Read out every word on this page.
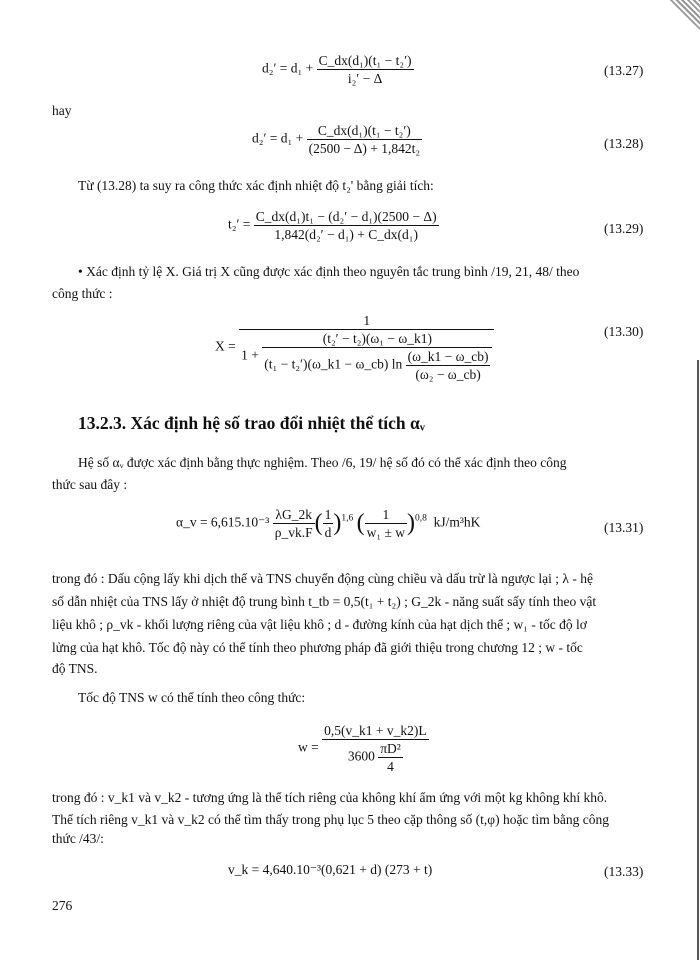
$d_2' = d_1 + \frac{\text{C\_dx(d₁)(t₁ − t₂′)}}{\text{i₂′ − Δ}}$	(13.27)
hay
$d_2' = d_1 + \frac{\text{C\_dx(d₁)(t₁ − t₂′)}}{\text{(2500 − Δ) + 1,842t₂}}$	(13.28)
Từ (13.28) ta suy ra công thức xác định nhiệt độ t₂' bằng giải tích:
$t_2' = \frac{\text{C\_dx(d₁)t₁ − (d₂′ − d₁)(2500 − Δ)}}{\text{1,842(d₂′ − d₁) + C\_dx(d₁)}}$	(13.29)
• Xác định tỷ lệ X. Giá trị X cũng được xác định theo nguyên tắc trung bình /19, 21, 48/ theo
công thức :
X =
1
1 +
(t₂′ − t₂)(ω₁ − ω_k1)
(t₁ − t₂′)(ω_k1 − ω_cb) $\ln \frac{(\omega\_k1 - \omega\_cb)}{\text{(ω₂ − ω\_cb)}}$
(13.30)
13.2.3. Xác định hệ số trao đổi nhiệt thể tích αᵥ
Hệ số αᵥ được xác định bằng thực nghiệm. Theo /6, 19/ hệ số đó có thể xác định theo công
thức sau đây :
α_v = $6,615.10^{-3} \frac{\lambda G\_2k}{\rho\_vk.F}$ ( $\frac{1}{d} )^{1,6}$ ( $\frac{1}{\text{w₁ ± w}} )^{0,8}$ kJ/m³hK	(13.31)
trong đó : Dấu cộng lấy khi dịch thể và TNS chuyển động cùng chiều và dấu trừ là ngược lại ; λ - hệ
số dẫn nhiệt của TNS lấy ở nhiệt độ trung bình t_tb = 0,5(t₁ + t₂) ; G_2k - năng suất sấy tính theo vật
liệu khô ; ρ_vk - khối lượng riêng của vật liệu khô ; d - đường kính của hạt dịch thể ; w₁ - tốc độ lơ
lửng của hạt khô. Tốc độ này có thể tính theo phương pháp đã giới thiệu trong chương 12 ; w - tốc
độ TNS.
Tốc độ TNS w có thể tính theo công thức:
$w = \frac{0,5(v\_k1 + v\_k2)L}{3600 \frac{\text{πD²}}{4}}$
trong đó : v_k1 và v_k2 - tương ứng là thể tích riêng của không khí ẩm ứng với một kg không khí khô.
Thể tích riêng v_k1 và v_k2 có thể tìm thấy trong phụ lục 5 theo cặp thông số (t,φ) hoặc tìm bằng công
thức /43/:
v_k = 4,640.10⁻³(0,621 + d) (273 + t)	(13.33)
276
